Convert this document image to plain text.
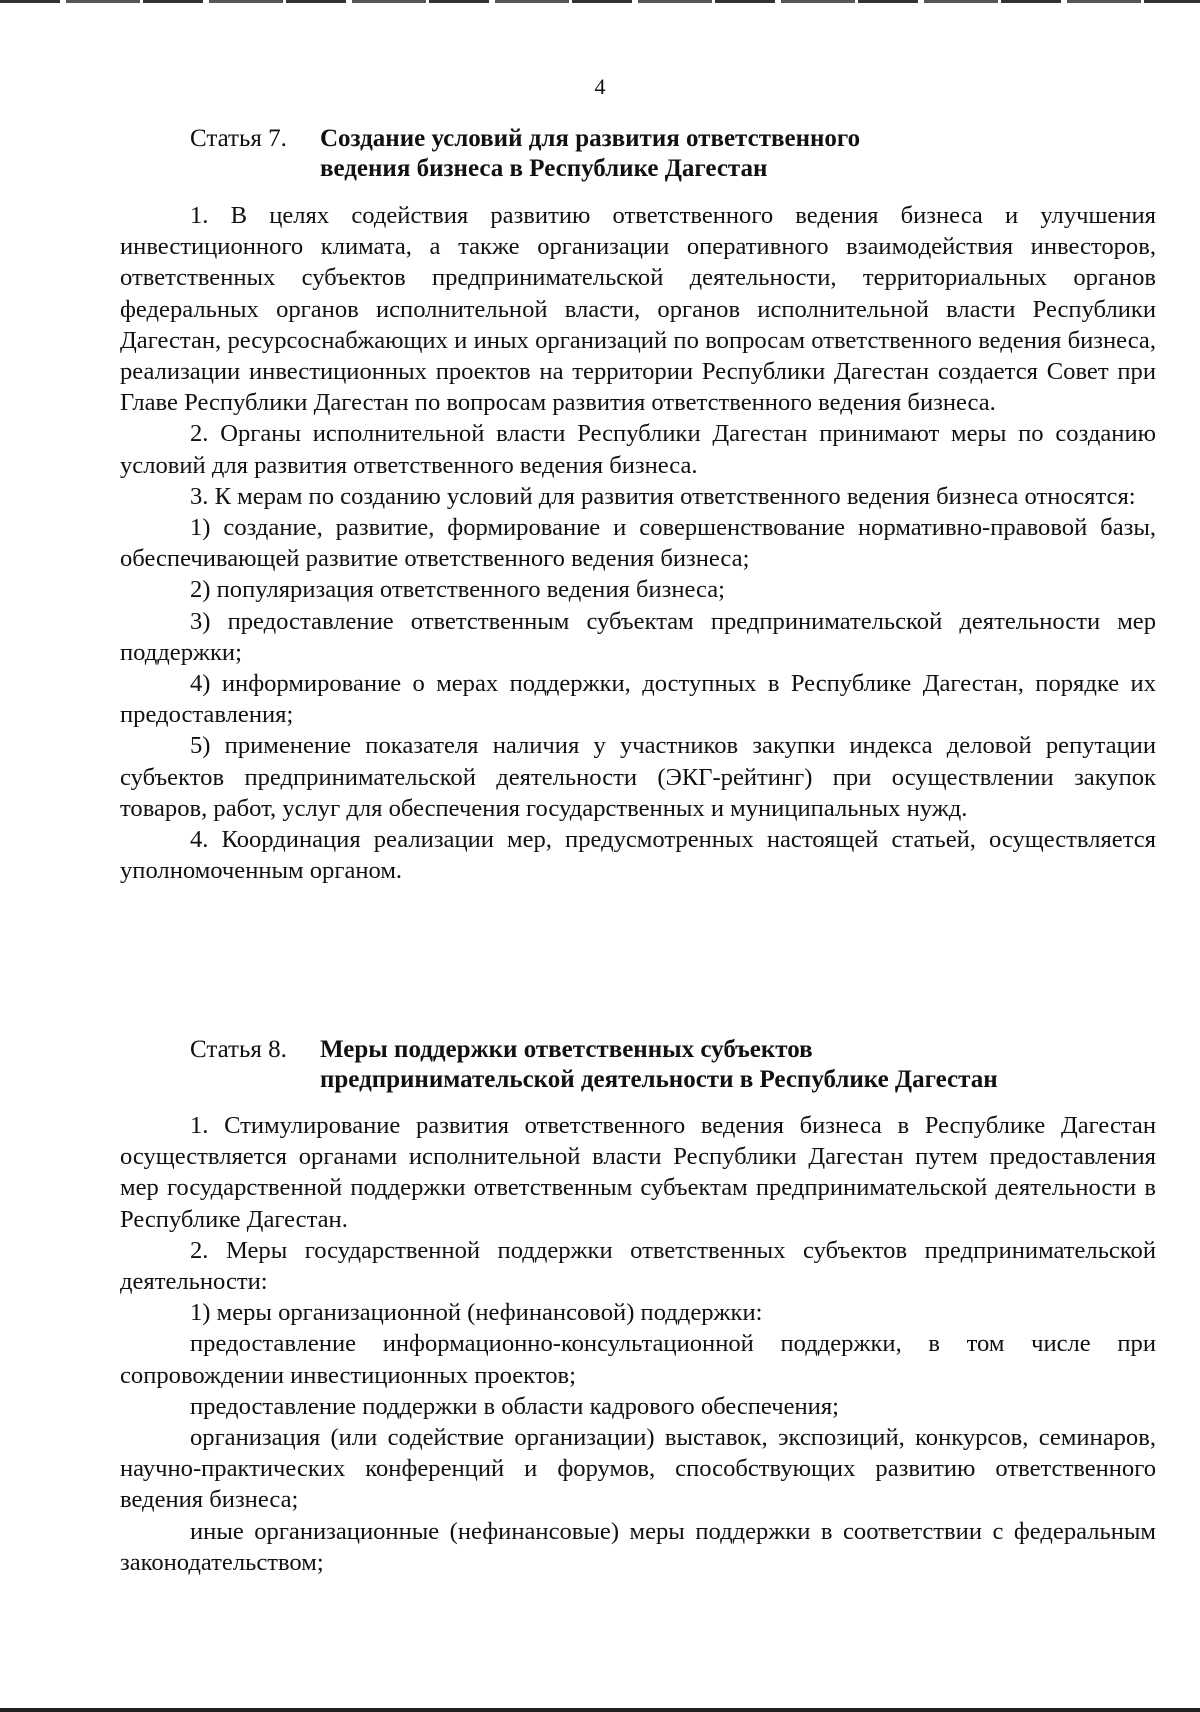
4
Статья 7.	Создание условий для развития ответственного
ведения бизнеса в Республике Дагестан

1. В целях содействия развитию ответственного ведения бизнеса и улучшения инвестиционного климата, а также организации оперативного взаимодействия инвесторов, ответственных субъектов предпринимательской деятельности, территориальных органов федеральных органов исполнительной власти, органов исполнительной власти Республики Дагестан, ресурсоснабжающих и иных организаций по вопросам ответственного ведения бизнеса, реализации инвестиционных проектов на территории Республики Дагестан создается Совет при Главе Республики Дагестан по вопросам развития ответственного ведения бизнеса.

2. Органы исполнительной власти Республики Дагестан принимают меры по созданию условий для развития ответственного ведения бизнеса.

3. К мерам по созданию условий для развития ответственного ведения бизнеса относятся:

1) создание, развитие, формирование и совершенствование нормативно-правовой базы, обеспечивающей развитие ответственного ведения бизнеса;

2) популяризация ответственного ведения бизнеса;

3) предоставление ответственным субъектам предпринимательской деятельности мер поддержки;

4) информирование о мерах поддержки, доступных в Республике Дагестан, порядке их предоставления;

5) применение показателя наличия у участников закупки индекса деловой репутации субъектов предпринимательской деятельности (ЭКГ-рейтинг) при осуществлении закупок товаров, работ, услуг для обеспечения государственных и муниципальных нужд.

4. Координация реализации мер, предусмотренных настоящей статьей, осуществляется уполномоченным органом.

Статья 8.	Меры поддержки ответственных субъектов
предпринимательской деятельности в Республике Дагестан

1. Стимулирование развития ответственного ведения бизнеса в Республике Дагестан осуществляется органами исполнительной власти Республики Дагестан путем предоставления мер государственной поддержки ответственным субъектам предпринимательской деятельности в Республике Дагестан.

2. Меры государственной поддержки ответственных субъектов предпринимательской деятельности:

1) меры организационной (нефинансовой) поддержки:

предоставление информационно-консультационной поддержки, в том числе при сопровождении инвестиционных проектов;

предоставление поддержки в области кадрового обеспечения;

организация (или содействие организации) выставок, экспозиций, конкурсов, семинаров, научно-практических конференций и форумов, способствующих развитию ответственного ведения бизнеса;

иные организационные (нефинансовые) меры поддержки в соответствии с федеральным законодательством;
